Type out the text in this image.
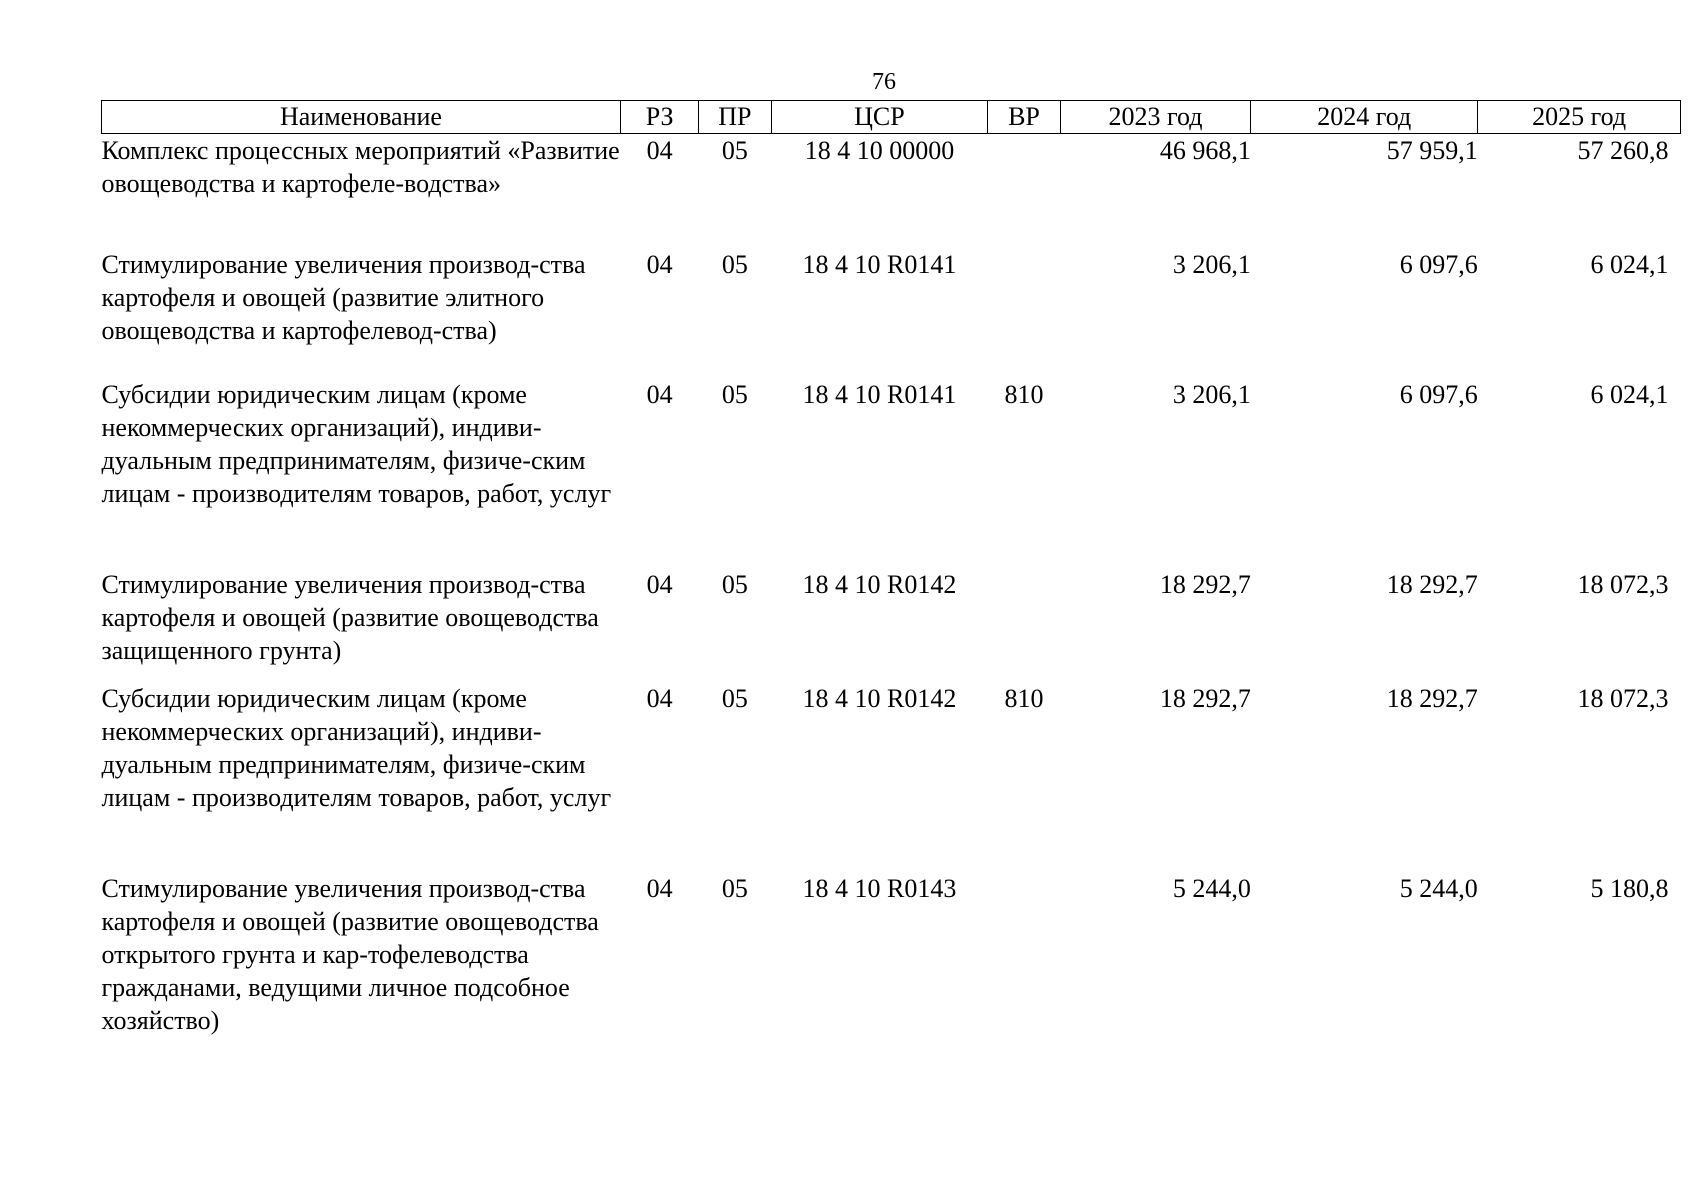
76
Наименование	РЗ	ПР	ЦСР	ВР	2023 год	2024 год	2025 год
Комплекс процессных мероприятий «Развитие овощеводства и картофеле-водства»	04	05	18 4 10 00000		46 968,1	57 959,1	57 260,8
Стимулирование увеличения производ-ства картофеля и овощей (развитие элитного овощеводства и картофелевод-ства)	04	05	18 4 10 R0141		3 206,1	6 097,6	6 024,1
Субсидии юридическим лицам (кроме некоммерческих организаций), индиви-дуальным предпринимателям, физиче-ским лицам - производителям товаров, работ, услуг	04	05	18 4 10 R0141	810	3 206,1	6 097,6	6 024,1
Стимулирование увеличения производ-ства картофеля и овощей (развитие овощеводства защищенного грунта)	04	05	18 4 10 R0142		18 292,7	18 292,7	18 072,3
Субсидии юридическим лицам (кроме некоммерческих организаций), индиви-дуальным предпринимателям, физиче-ским лицам - производителям товаров, работ, услуг	04	05	18 4 10 R0142	810	18 292,7	18 292,7	18 072,3
Стимулирование увеличения производ-ства картофеля и овощей (развитие овощеводства открытого грунта и кар-тофелеводства гражданами, ведущими личное подсобное хозяйство)	04	05	18 4 10 R0143		5 244,0	5 244,0	5 180,8
